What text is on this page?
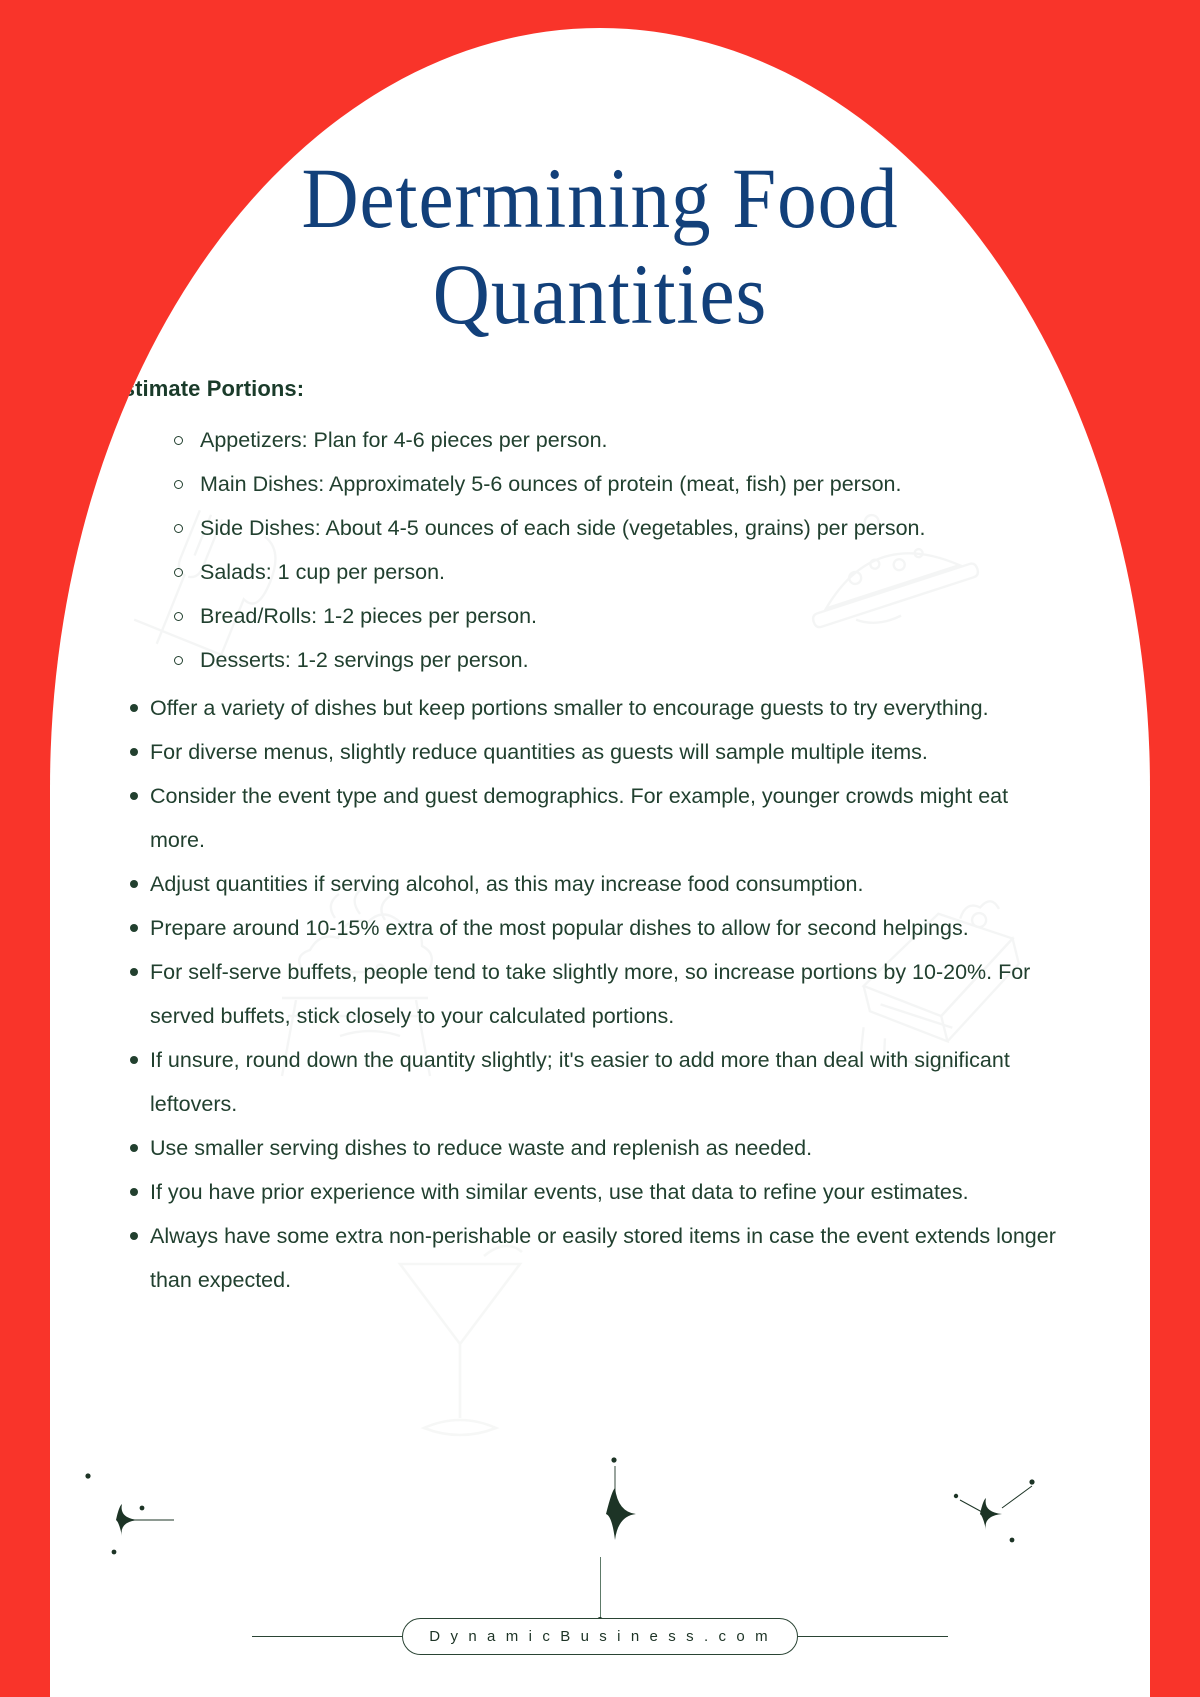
Determining Food
Quantities
Estimate Portions:
Appetizers: Plan for 4-6 pieces per person.
Main Dishes: Approximately 5-6 ounces of protein (meat, fish) per person.
Side Dishes: About 4-5 ounces of each side (vegetables, grains) per person.
Salads: 1 cup per person.
Bread/Rolls: 1-2 pieces per person.
Desserts: 1-2 servings per person.
Offer a variety of dishes but keep portions smaller to encourage guests to try everything.
For diverse menus, slightly reduce quantities as guests will sample multiple items.
Consider the event type and guest demographics. For example, younger crowds might eat more.
Adjust quantities if serving alcohol, as this may increase food consumption.
Prepare around 10-15% extra of the most popular dishes to allow for second helpings.
For self-serve buffets, people tend to take slightly more, so increase portions by 10-20%. For served buffets, stick closely to your calculated portions.
If unsure, round down the quantity slightly; it's easier to add more than deal with significant leftovers.
Use smaller serving dishes to reduce waste and replenish as needed.
If you have prior experience with similar events, use that data to refine your estimates.
Always have some extra non-perishable or easily stored items in case the event extends longer than expected.
D y n a m i c B u s i n e s s . c o m
